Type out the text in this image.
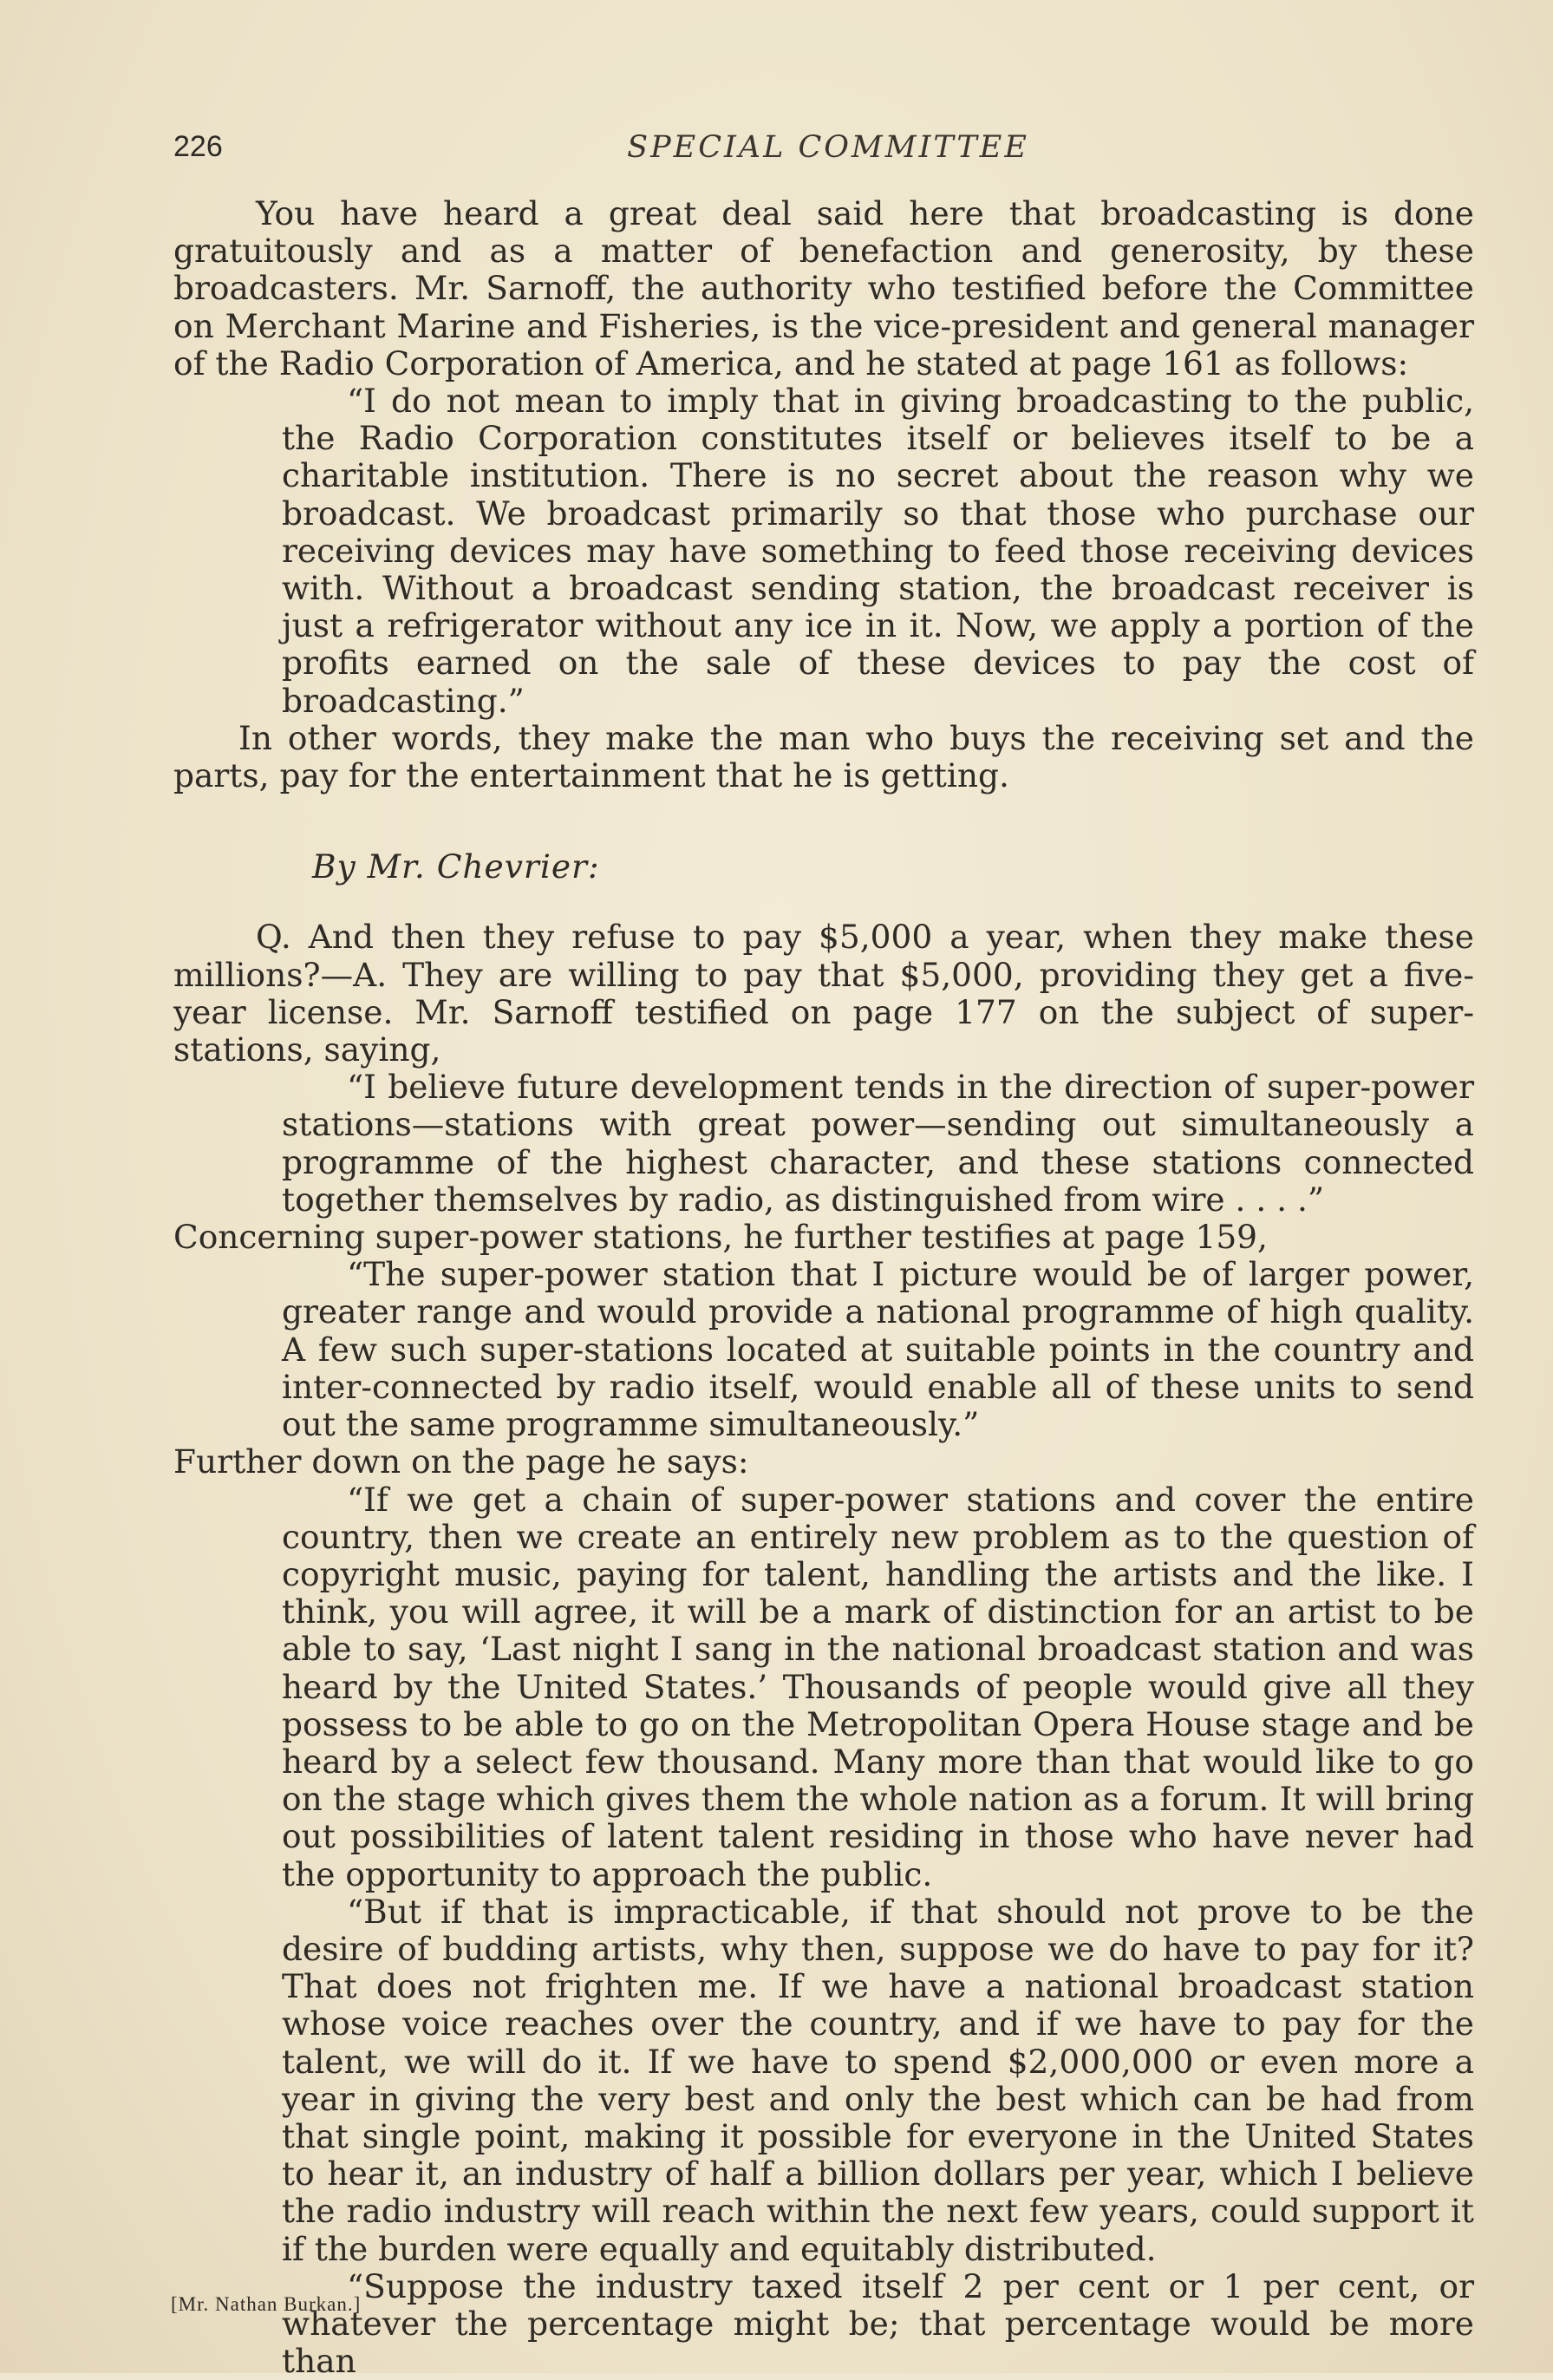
226	SPECIAL COMMITTEE

You have heard a great deal said here that broadcasting is done gratuitously and as a matter of benefaction and generosity, by these broadcasters. Mr. Sarnoff, the authority who testified before the Committee on Merchant Marine and Fisheries, is the vice-president and general manager of the Radio Corporation of America, and he stated at page 161 as follows:

“I do not mean to imply that in giving broadcasting to the public, the Radio Corporation constitutes itself or believes itself to be a charitable institution. There is no secret about the reason why we broadcast. We broadcast primarily so that those who purchase our receiving devices may have something to feed those receiving devices with. Without a broadcast sending station, the broadcast receiver is just a refrigerator without any ice in it. Now, we apply a portion of the profits earned on the sale of these devices to pay the cost of broadcasting.”

In other words, they make the man who buys the receiving set and the parts, pay for the entertainment that he is getting.

By Mr. Chevrier:

Q. And then they refuse to pay $5,000 a year, when they make these millions?—A. They are willing to pay that $5,000, providing they get a five-year license. Mr. Sarnoff testified on page 177 on the subject of super-stations, saying,

“I believe future development tends in the direction of super-power stations—stations with great power—sending out simultaneously a programme of the highest character, and these stations connected together themselves by radio, as distinguished from wire . . . .”

Concerning super-power stations, he further testifies at page 159,

“The super-power station that I picture would be of larger power, greater range and would provide a national programme of high quality. A few such super-stations located at suitable points in the country and inter-connected by radio itself, would enable all of these units to send out the same programme simultaneously.”

Further down on the page he says:

“If we get a chain of super-power stations and cover the entire country, then we create an entirely new problem as to the question of copyright music, paying for talent, handling the artists and the like. I think, you will agree, it will be a mark of distinction for an artist to be able to say, ‘Last night I sang in the national broadcast station and was heard by the United States.’ Thousands of people would give all they possess to be able to go on the Metropolitan Opera House stage and be heard by a select few thousand. Many more than that would like to go on the stage which gives them the whole nation as a forum. It will bring out possibilities of latent talent residing in those who have never had the opportunity to approach the public.

“But if that is impracticable, if that should not prove to be the desire of budding artists, why then, suppose we do have to pay for it? That does not frighten me. If we have a national broadcast station whose voice reaches over the country, and if we have to pay for the talent, we will do it. If we have to spend $2,000,000 or even more a year in giving the very best and only the best which can be had from that single point, making it possible for everyone in the United States to hear it, an industry of half a billion dollars per year, which I believe the radio industry will reach within the next few years, could support it if the burden were equally and equitably distributed.

“Suppose the industry taxed itself 2 per cent or 1 per cent, or whatever the percentage might be; that percentage would be more than

[Mr. Nathan Burkan.]
